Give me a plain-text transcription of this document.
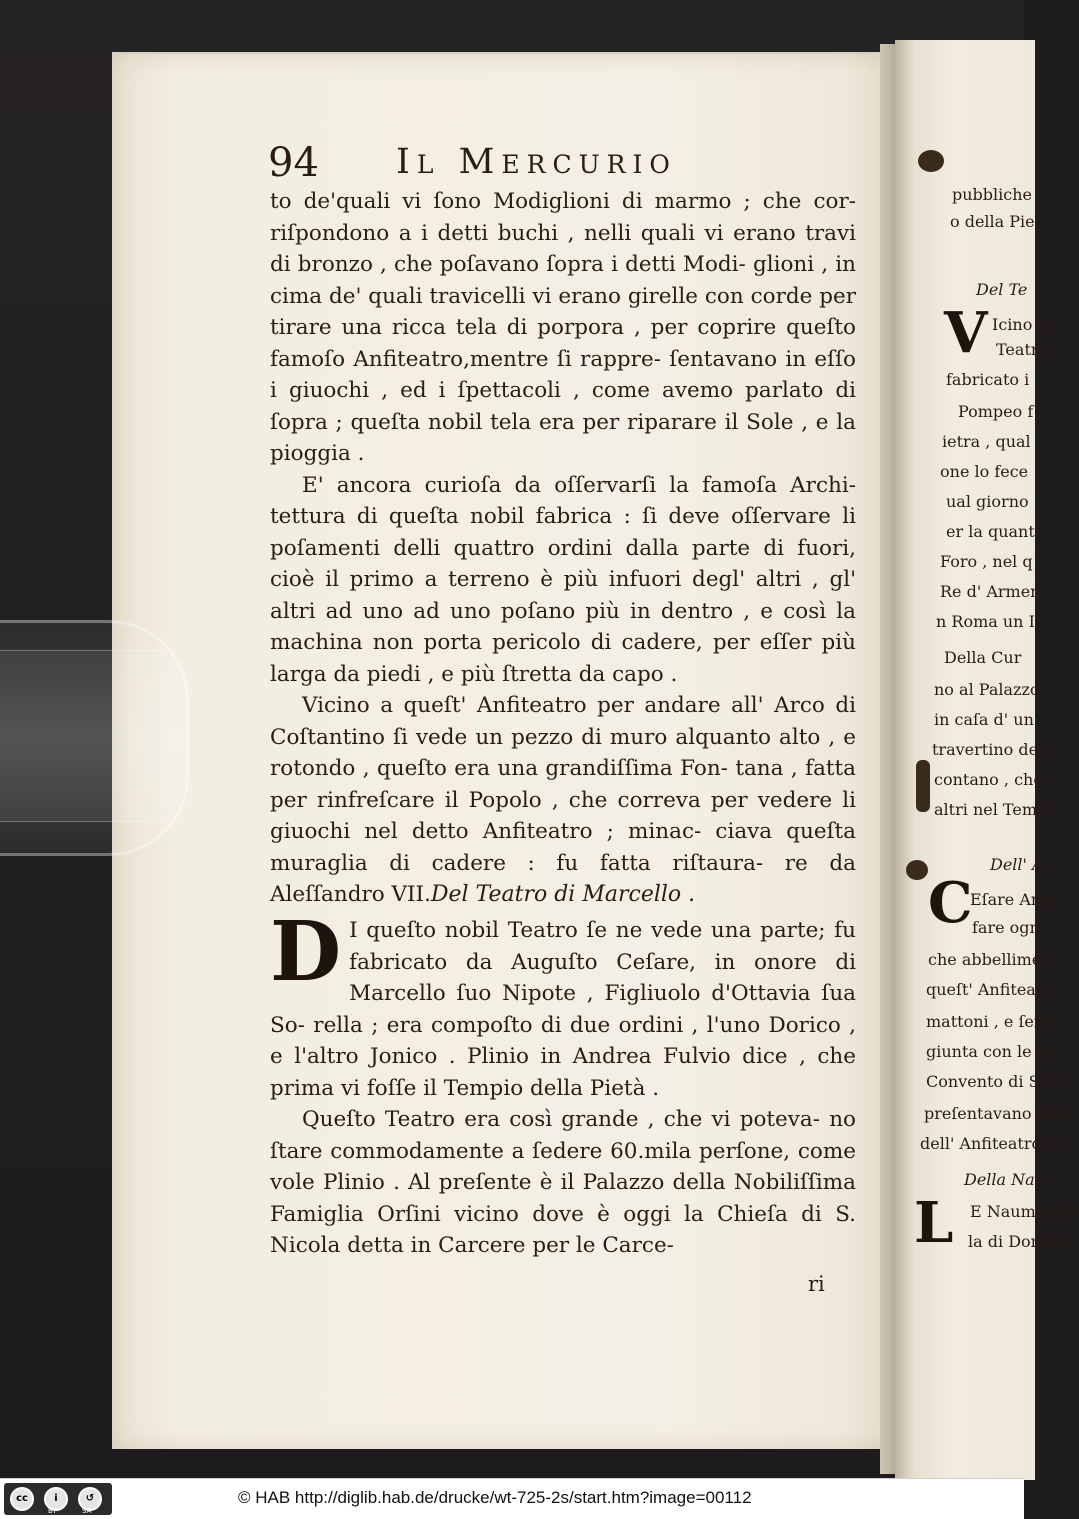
94 Il Mercurio

to de'quali vi ſono Modiglioni di marmo ; che cor- riſpondono a i detti buchi , nelli quali vi erano travi di bronzo , che poſavano ſopra i detti Modi- glioni , in cima de' quali travicelli vi erano girelle con corde per tirare una ricca tela di porpora , per coprire queſto famoſo Anfiteatro,mentre ſi rappre- ſentavano in eſſo i giuochi , ed i ſpettacoli , come avemo parlato di ſopra ; queſta nobil tela era per riparare il Sole , e la pioggia .

E' ancora curioſa da oſſervarſi la famoſa Archi- tettura di queſta nobil fabrica : ſi deve oſſervare li poſamenti delli quattro ordini dalla parte di fuori, cioè il primo a terreno è più infuori degl' altri , gl' altri ad uno ad uno poſano più in dentro , e così la machina non porta pericolo di cadere, per eſſer più larga da piedi , e più ſtretta da capo .

Vicino a queſt' Anfiteatro per andare all' Arco di Coſtantino ſi vede un pezzo di muro alquanto alto , e rotondo , queſto era una grandiſſima Fon- tana , fatta per rinfreſcare il Popolo , che correva per vedere li giuochi nel detto Anfiteatro ; minac- ciava queſta muraglia di cadere : fu fatta riſtaura- re da Aleſſandro VII. Del Teatro di Marcello .

D I queſto nobil Teatro ſe ne vede una parte; fu fabricato da Auguſto Ceſare, in onore di Marcello ſuo Nipote , Figliuolo d'Ottavia ſua So- rella ; era compoſto di due ordini , l'uno Dorico , e l'altro Jonico . Plinio in Andrea Fulvio dice , che prima vi foſſe il Tempio della Pietà .

Queſto Teatro era così grande , che vi poteva- no ſtare commodamente a ſedere 60.mila perſone, come vole Plinio . Al preſente è il Palazzo della Nobiliſſima Famiglia Orſini vicino dove è oggi la Chieſa di S. Nicola detta in Carcere per le Carce-

ri
pubbliche
o della Pie
Del Te
Icino a
Teatro
fabricato i
Pompeo f
ietra , qual
one lo fece
ual giorno
er la quanti
Foro , nel q
Re d' Armen
n Roma un I
Della Cur
no al Palazzo
in caſa d' un
travertino del
contano , che
altri nel Temp
Dell' A
Eſare Ang
fare ogn
che abbellimen
queſt' Anfiteatr
mattoni , e ſene
giunta con le m
Convento di S. C
preſentavano vari
dell' Anfiteatro di
Della Nau
E Naumachie
la di Domizia
V
C
L
cc	i	↺
BY	SA
© HAB http://diglib.hab.de/drucke/wt-725-2s/start.htm?image=00112
